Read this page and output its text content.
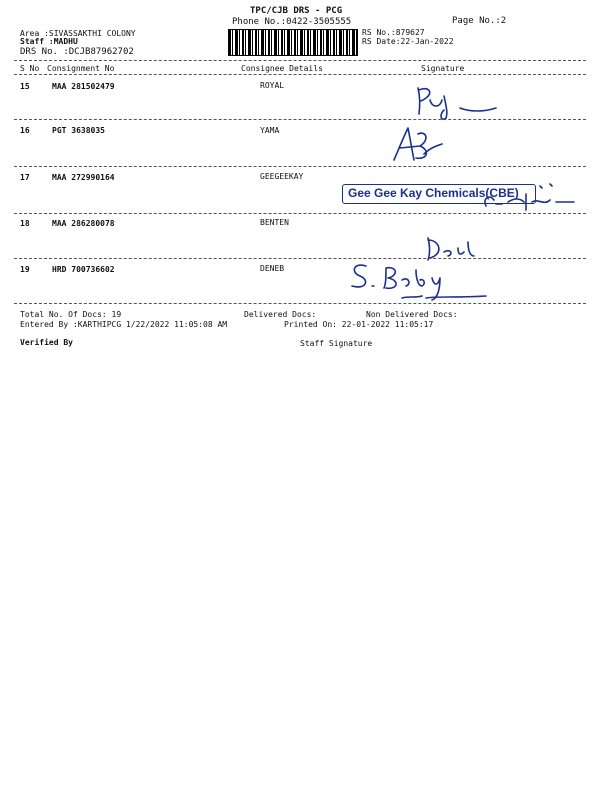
TPC/CJB DRS - PCG
Phone No.:0422-3505555	Page No.:2
Area :SIVASSAKTHI COLONY
Staff :MADHU
DRS No. :DCJB87962702
RS No.:879627
RS Date:22-Jan-2022
S No Consignment No	Consignee Details	Signature
15	MAA 281502479	ROYAL
16	PGT 3638035	YAMA
17	MAA 272990164	GEEGEEKAY
Gee Gee Kay Chemicals(CBE)
18	MAA 286280078	BENTEN
19	HRD 700736602	DENEB
Total No. Of Docs: 19	Delivered Docs:	Non Delivered Docs:
Entered By :KARTHIPCG 1/22/2022 11:05:08 AM	Printed On: 22-01-2022 11:05:17
Verified By	Staff Signature
